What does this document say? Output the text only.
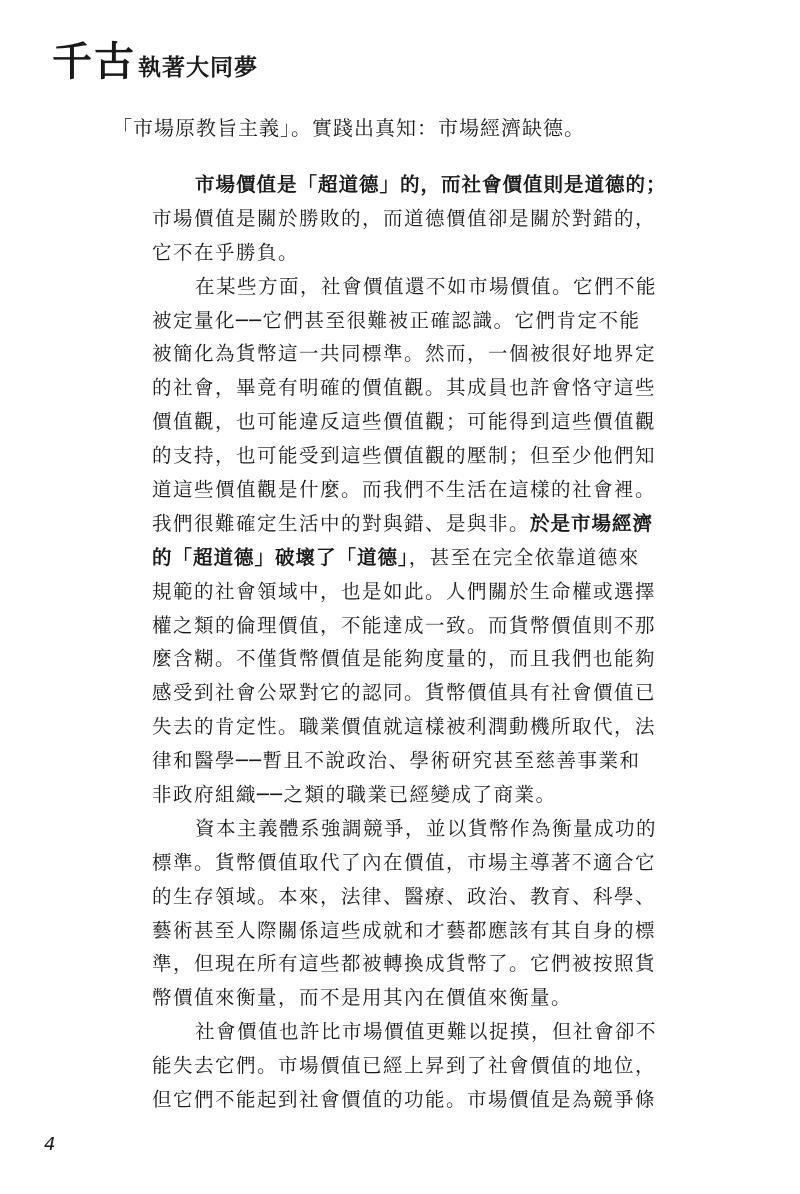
千古 執著大同夢
「市場原教旨主義」。實踐出真知：市場經濟缺德。
市場價值是「超道德」的，而社會價值則是道德的；
市場價值是關於勝敗的，而道德價值卻是關於對錯的，
它不在乎勝負。
在某些方面，社會價值還不如市場價值。它們不能
被定量化──它們甚至很難被正確認識。它們肯定不能
被簡化為貨幣這一共同標準。然而，一個被很好地界定
的社會，畢竟有明確的價值觀。其成員也許會恪守這些
價值觀，也可能違反這些價值觀；可能得到這些價值觀
的支持，也可能受到這些價值觀的壓制；但至少他們知
道這些價值觀是什麼。而我們不生活在這樣的社會裡。
我們很難確定生活中的對與錯、是與非。於是市場經濟
的「超道德」破壞了「道德」，甚至在完全依靠道德來
規範的社會領域中，也是如此。人們關於生命權或選擇
權之類的倫理價值，不能達成一致。而貨幣價值則不那
麼含糊。不僅貨幣價值是能夠度量的，而且我們也能夠
感受到社會公眾對它的認同。貨幣價值具有社會價值已
失去的肯定性。職業價值就這樣被利潤動機所取代，法
律和醫學──暫且不說政治、學術研究甚至慈善事業和
非政府組織──之類的職業已經變成了商業。
資本主義體系強調競爭，並以貨幣作為衡量成功的
標準。貨幣價值取代了內在價值，市場主導著不適合它
的生存領域。本來，法律、醫療、政治、教育、科學、
藝術甚至人際關係這些成就和才藝都應該有其自身的標
準，但現在所有這些都被轉換成貨幣了。它們被按照貨
幣價值來衡量，而不是用其內在價值來衡量。
社會價值也許比市場價值更難以捉摸，但社會卻不
能失去它們。市場價值已經上昇到了社會價值的地位，
但它們不能起到社會價值的功能。市場價值是為競爭條
4
